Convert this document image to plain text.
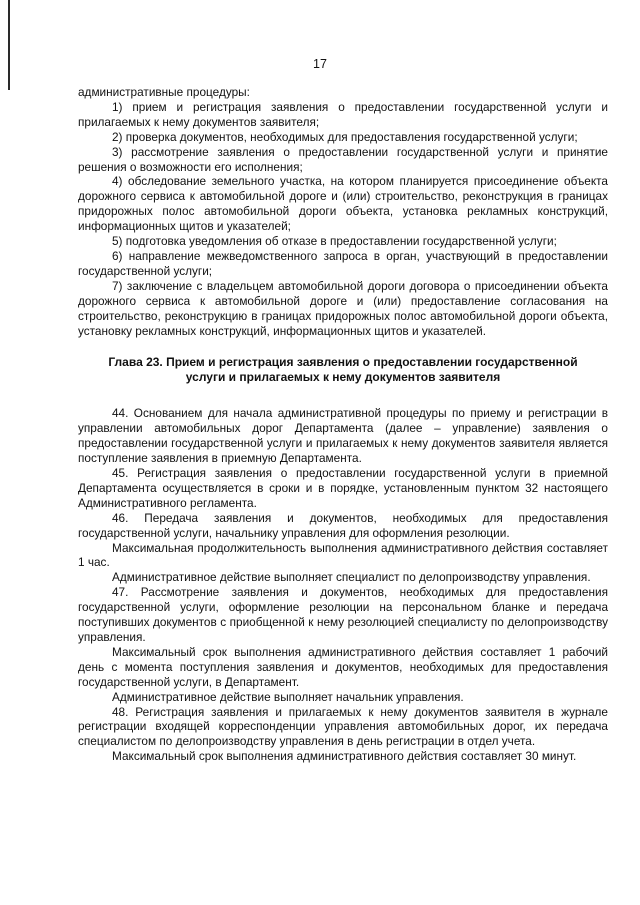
17

административные процедуры:

1) прием и регистрация заявления о предоставлении государственной услуги и прилагаемых к нему документов заявителя;

2) проверка документов, необходимых для предоставления государственной услуги;

3) рассмотрение заявления о предоставлении государственной услуги и принятие решения о возможности его исполнения;

4) обследование земельного участка, на котором планируется присоединение объекта дорожного сервиса к автомобильной дороге и (или) строительство, реконструкция в границах придорожных полос автомобильной дороги объекта, установка рекламных конструкций, информационных щитов и указателей;

5) подготовка уведомления об отказе в предоставлении государственной услуги;

6) направление межведомственного запроса в орган, участвующий в предоставлении государственной услуги;

7) заключение с владельцем автомобильной дороги договора о присоединении объекта дорожного сервиса к автомобильной дороге и (или) предоставление согласования на строительство, реконструкцию в границах придорожных полос автомобильной дороги объекта, установку рекламных конструкций, информационных щитов и указателей.

Глава 23. Прием и регистрация заявления о предоставлении государственной
услуги и прилагаемых к нему документов заявителя

44. Основанием для начала административной процедуры по приему и регистрации в управлении автомобильных дорог Департамента (далее – управление) заявления о предоставлении государственной услуги и прилагаемых к нему документов заявителя является поступление заявления в приемную Департамента.

45. Регистрация заявления о предоставлении государственной услуги в приемной Департамента осуществляется в сроки и в порядке, установленным пунктом 32 настоящего Административного регламента.

46. Передача заявления и документов, необходимых для предоставления государственной услуги, начальнику управления для оформления резолюции.

Максимальная продолжительность выполнения административного действия составляет 1 час.

Административное действие выполняет специалист по делопроизводству управления.

47. Рассмотрение заявления и документов, необходимых для предоставления государственной услуги, оформление резолюции на персональном бланке и передача поступивших документов с приобщенной к нему резолюцией специалисту по делопроизводству управления.

Максимальный срок выполнения административного действия составляет 1 рабочий день с момента поступления заявления и документов, необходимых для предоставления государственной услуги, в Департамент.

Административное действие выполняет начальник управления.

48. Регистрация заявления и прилагаемых к нему документов заявителя в журнале регистрации входящей корреспонденции управления автомобильных дорог, их передача специалистом по делопроизводству управления в день регистрации в отдел учета.

Максимальный срок выполнения административного действия составляет 30 минут.
